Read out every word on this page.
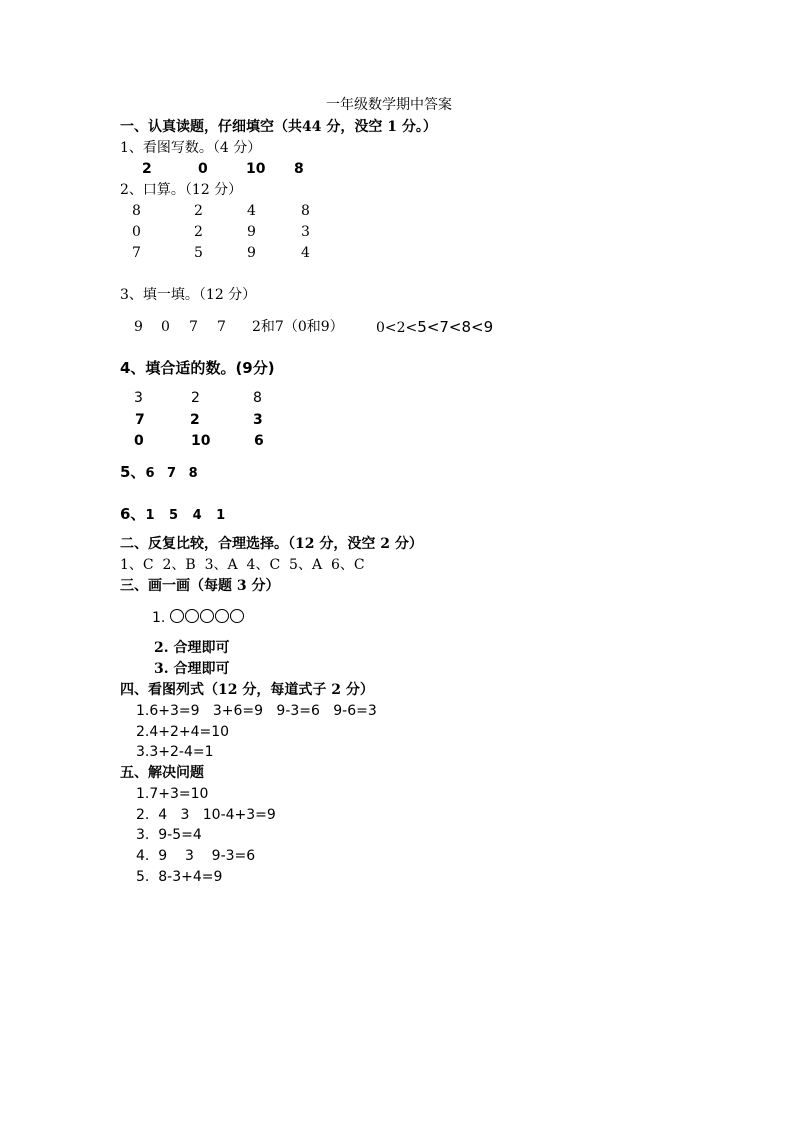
一年级数学期中答案
一、认真读题，仔细填空（共44 分，没空 1 分。）
1、看图写数。（4 分）
2	0	10 8
2、口算。（12 分）
8	2	4	8
0	2	9	3
7	5	9	4
3、填一填。（12 分）
9 0 7 7 2和7（0和9） 0<2<5<7<8<9
4、填合适的数。(9分)
3	2	8
7	2	3
0	10	6
5、6 7 8
6、1 5 4 1
二、反复比较，合理选择。（12 分，没空 2 分）
1、C  2、B  3、A  4、C  5、A  6、C
三、画一画（每题 3 分）
1.
2. 合理即可
3. 合理即可
四、看图列式（12 分，每道式子 2 分）
1.6+3=9   3+6=9   9-3=6   9-6=3
2.4+2+4=10
3.3+2-4=1
五、解决问题
1.7+3=10
2.  4   3   10-4+3=9
3.  9-5=4
4.  9    3    9-3=6
5.  8-3+4=9
